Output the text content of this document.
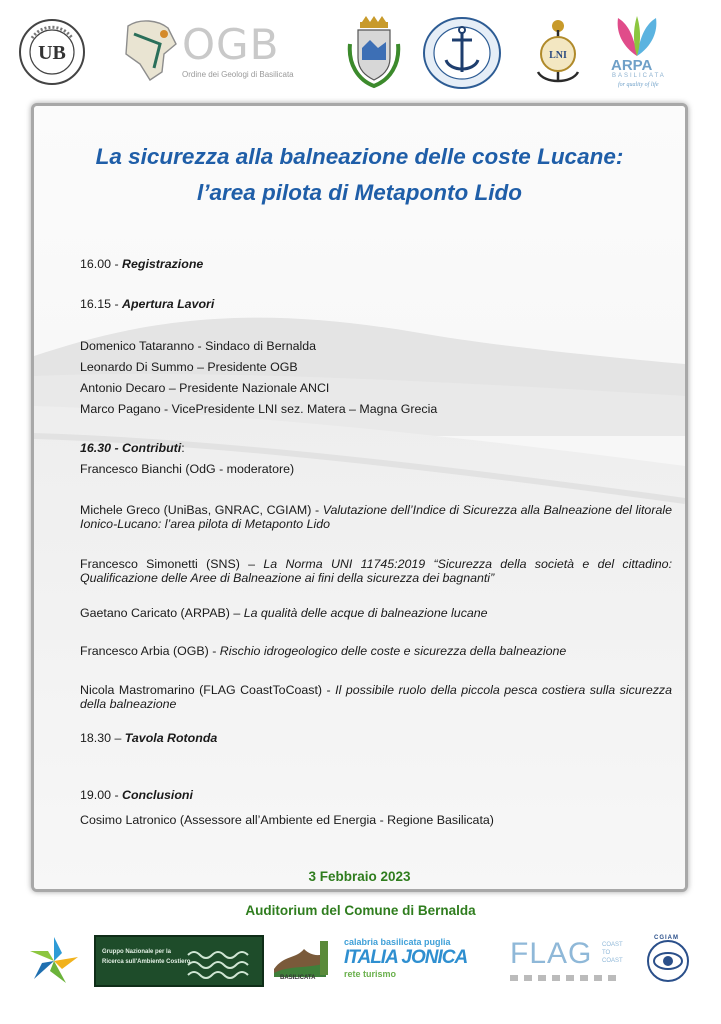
UB	OGB
Ordine dei Geologi di Basilicata
LNI
ARPA
BASILICATA
for quality of life
La sicurezza alla balneazione delle coste Lucane:
l’area pilota di Metaponto Lido
16.00 - Registrazione
16.15 - Apertura Lavori
Domenico Tataranno - Sindaco di Bernalda
Leonardo Di Summo – Presidente OGB
Antonio Decaro – Presidente Nazionale ANCI
Marco Pagano - VicePresidente LNI sez. Matera – Magna Grecia
16.30 - Contributi:
Francesco Bianchi (OdG - moderatore)
Michele Greco (UniBas, GNRAC, CGIAM) - Valutazione dell’Indice di Sicurezza alla Balneazione del litorale Ionico-Lucano: l’area pilota di Metaponto Lido
Francesco Simonetti (SNS) – La Norma UNI 11745:2019 “Sicurezza della società e del cittadino: Qualificazione delle Aree di Balneazione ai fini della sicurezza dei bagnanti”
Gaetano Caricato (ARPAB) – La qualità delle acque di balneazione lucane
Francesco Arbia (OGB) - Rischio idrogeologico delle coste e sicurezza della balneazione
Nicola Mastromarino (FLAG CoastToCoast) - Il possibile ruolo della piccola pesca costiera sulla sicurezza della balneazione
18.30 – Tavola Rotonda
19.00 - Conclusioni
Cosimo Latronico (Assessore all’Ambiente ed Energia - Regione Basilicata)
3 Febbraio 2023
Auditorium del Comune di Bernalda
Gruppo Nazionale per la
Ricerca sull'Ambiente Costiero
BASILICATA
calabria basilicata puglia
ITALIA JONICA
rete turismo
FLAG COAST TO COAST
CGIAM
